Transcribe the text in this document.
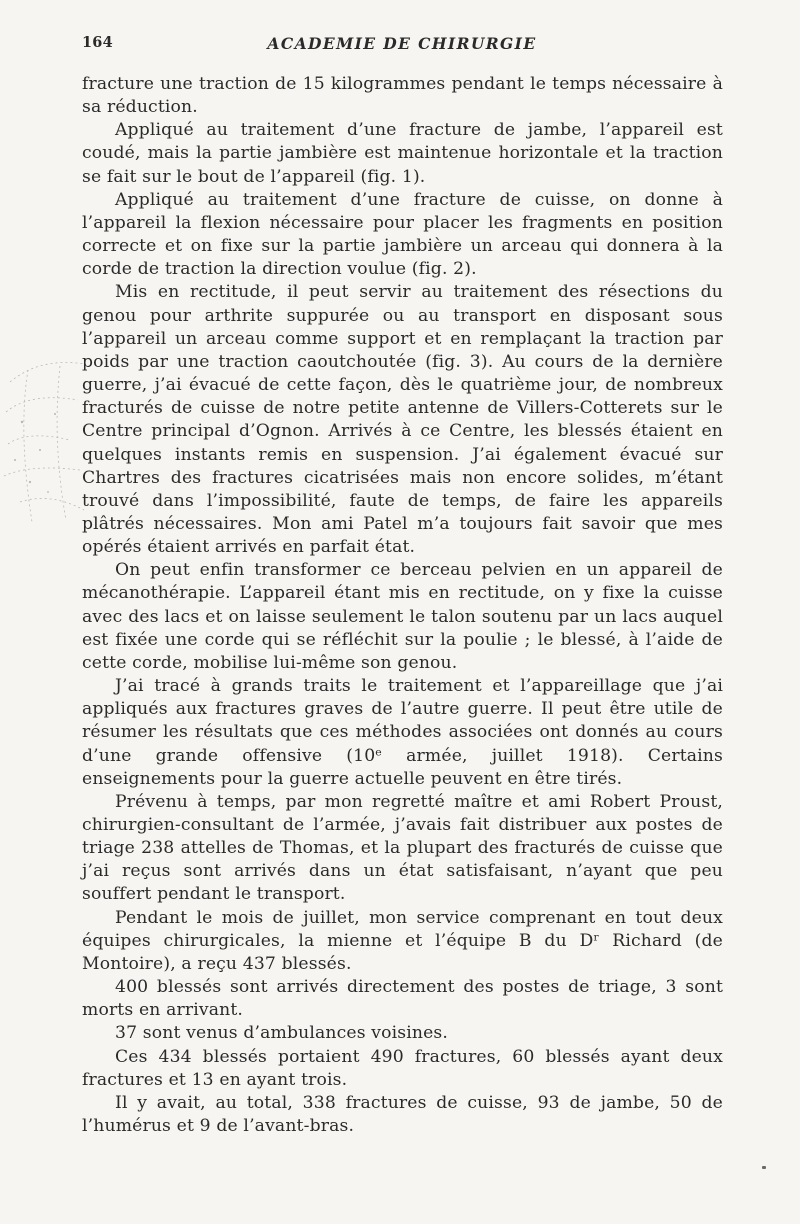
164	ACADEMIE DE CHIRURGIE

fracture une traction de 15 kilogrammes pendant le temps nécessaire à sa réduction.

Appliqué au traitement d’une fracture de jambe, l’appareil est coudé, mais la partie jambière est maintenue horizontale et la traction se fait sur le bout de l’appareil (fig. 1).

Appliqué au traitement d’une fracture de cuisse, on donne à l’appareil la flexion nécessaire pour placer les fragments en position correcte et on fixe sur la partie jambière un arceau qui donnera à la corde de traction la direction voulue (fig. 2).

Mis en rectitude, il peut servir au traitement des résections du genou pour arthrite suppurée ou au transport en disposant sous l’appareil un arceau comme support et en remplaçant la traction par poids par une traction caoutchoutée (fig. 3). Au cours de la dernière guerre, j’ai évacué de cette façon, dès le quatrième jour, de nombreux fracturés de cuisse de notre petite antenne de Villers-Cotterets sur le Centre principal d’Ognon. Arrivés à ce Centre, les blessés étaient en quelques instants remis en suspension. J’ai également évacué sur Chartres des fractures cicatrisées mais non encore solides, m’étant trouvé dans l’impossibilité, faute de temps, de faire les appareils plâtrés nécessaires. Mon ami Patel m’a toujours fait savoir que mes opérés étaient arrivés en parfait état.

On peut enfin transformer ce berceau pelvien en un appareil de mécanothérapie. L’appareil étant mis en rectitude, on y fixe la cuisse avec des lacs et on laisse seulement le talon soutenu par un lacs auquel est fixée une corde qui se réfléchit sur la poulie ; le blessé, à l’aide de cette corde, mobilise lui-même son genou.

J’ai tracé à grands traits le traitement et l’appareillage que j’ai appliqués aux fractures graves de l’autre guerre. Il peut être utile de résumer les résultats que ces méthodes associées ont donnés au cours d’une grande offensive (10ᵉ armée, juillet 1918). Certains enseignements pour la guerre actuelle peuvent en être tirés.

Prévenu à temps, par mon regretté maître et ami Robert Proust, chirurgien-consultant de l’armée, j’avais fait distribuer aux postes de triage 238 attelles de Thomas, et la plupart des fracturés de cuisse que j’ai reçus sont arrivés dans un état satisfaisant, n’ayant que peu souffert pendant le transport.

Pendant le mois de juillet, mon service comprenant en tout deux équipes chirurgicales, la mienne et l’équipe B du Dʳ Richard (de Montoire), a reçu 437 blessés.

400 blessés sont arrivés directement des postes de triage, 3 sont morts en arrivant.

37 sont venus d’ambulances voisines.

Ces 434 blessés portaient 490 fractures, 60 blessés ayant deux fractures et 13 en ayant trois.

Il y avait, au total, 338 fractures de cuisse, 93 de jambe, 50 de l’humérus et 9 de l’avant-bras.
